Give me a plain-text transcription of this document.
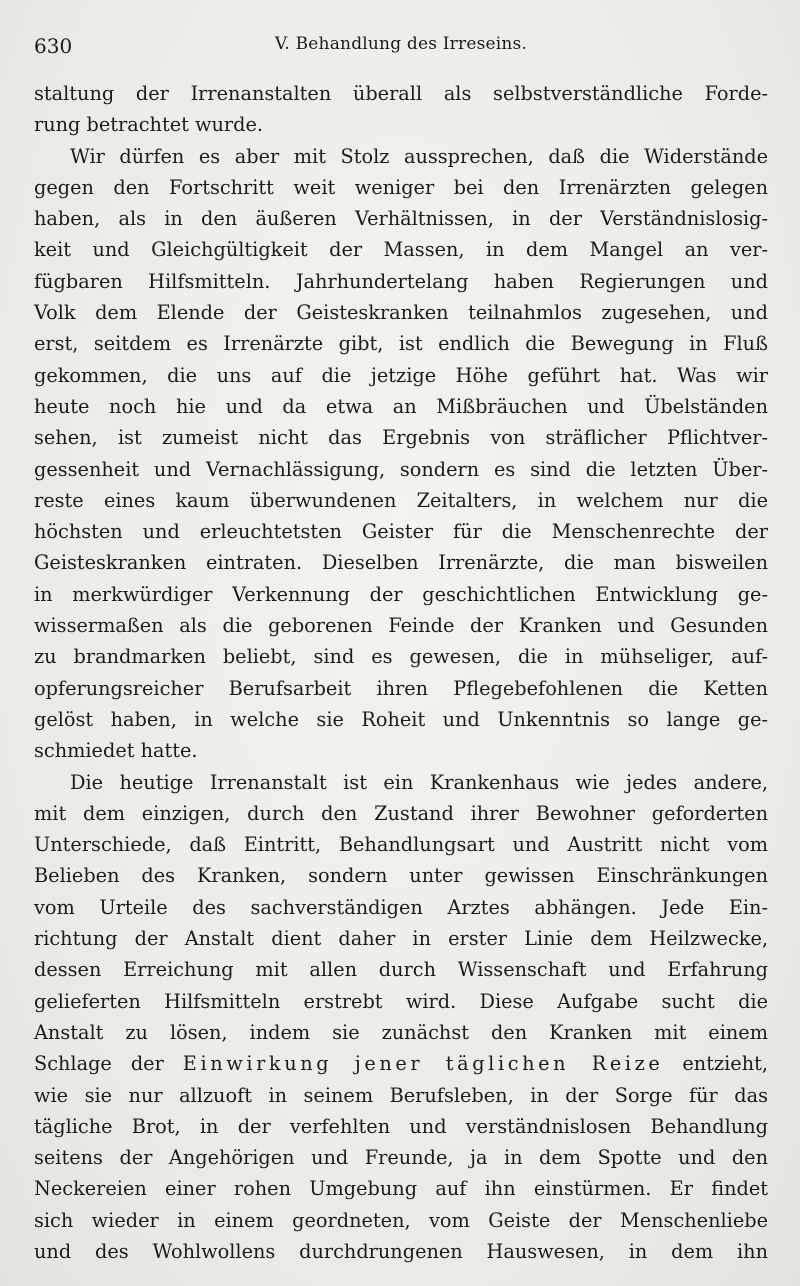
630	V. Behandlung des Irreseins.
staltung der Irrenanstalten überall als selbstverständliche Forde-
rung betrachtet wurde.
Wir dürfen es aber mit Stolz aussprechen, daß die Widerstände
gegen den Fortschritt weit weniger bei den Irrenärzten gelegen
haben, als in den äußeren Verhältnissen, in der Verständnislosig-
keit und Gleichgültigkeit der Massen, in dem Mangel an ver-
fügbaren Hilfsmitteln. Jahrhundertelang haben Regierungen und
Volk dem Elende der Geisteskranken teilnahmlos zugesehen, und
erst, seitdem es Irrenärzte gibt, ist endlich die Bewegung in Fluß
gekommen, die uns auf die jetzige Höhe geführt hat. Was wir
heute noch hie und da etwa an Mißbräuchen und Übelständen
sehen, ist zumeist nicht das Ergebnis von sträflicher Pflichtver-
gessenheit und Vernachlässigung, sondern es sind die letzten Über-
reste eines kaum überwundenen Zeitalters, in welchem nur die
höchsten und erleuchtetsten Geister für die Menschenrechte der
Geisteskranken eintraten. Dieselben Irrenärzte, die man bisweilen
in merkwürdiger Verkennung der geschichtlichen Entwicklung ge-
wissermaßen als die geborenen Feinde der Kranken und Gesunden
zu brandmarken beliebt, sind es gewesen, die in mühseliger, auf-
opferungsreicher Berufsarbeit ihren Pflegebefohlenen die Ketten
gelöst haben, in welche sie Roheit und Unkenntnis so lange ge-
schmiedet hatte.
Die heutige Irrenanstalt ist ein Krankenhaus wie jedes andere,
mit dem einzigen, durch den Zustand ihrer Bewohner geforderten
Unterschiede, daß Eintritt, Behandlungsart und Austritt nicht vom
Belieben des Kranken, sondern unter gewissen Einschränkungen
vom Urteile des sachverständigen Arztes abhängen. Jede Ein-
richtung der Anstalt dient daher in erster Linie dem Heilzwecke,
dessen Erreichung mit allen durch Wissenschaft und Erfahrung
gelieferten Hilfsmitteln erstrebt wird. Diese Aufgabe sucht die
Anstalt zu lösen, indem sie zunächst den Kranken mit einem
Schlage der Einwirkung jener täglichen Reize entzieht,
wie sie nur allzuoft in seinem Berufsleben, in der Sorge für das
tägliche Brot, in der verfehlten und verständnislosen Behandlung
seitens der Angehörigen und Freunde, ja in dem Spotte und den
Neckereien einer rohen Umgebung auf ihn einstürmen. Er findet
sich wieder in einem geordneten, vom Geiste der Menschenliebe
und des Wohlwollens durchdrungenen Hauswesen, in dem ihn
